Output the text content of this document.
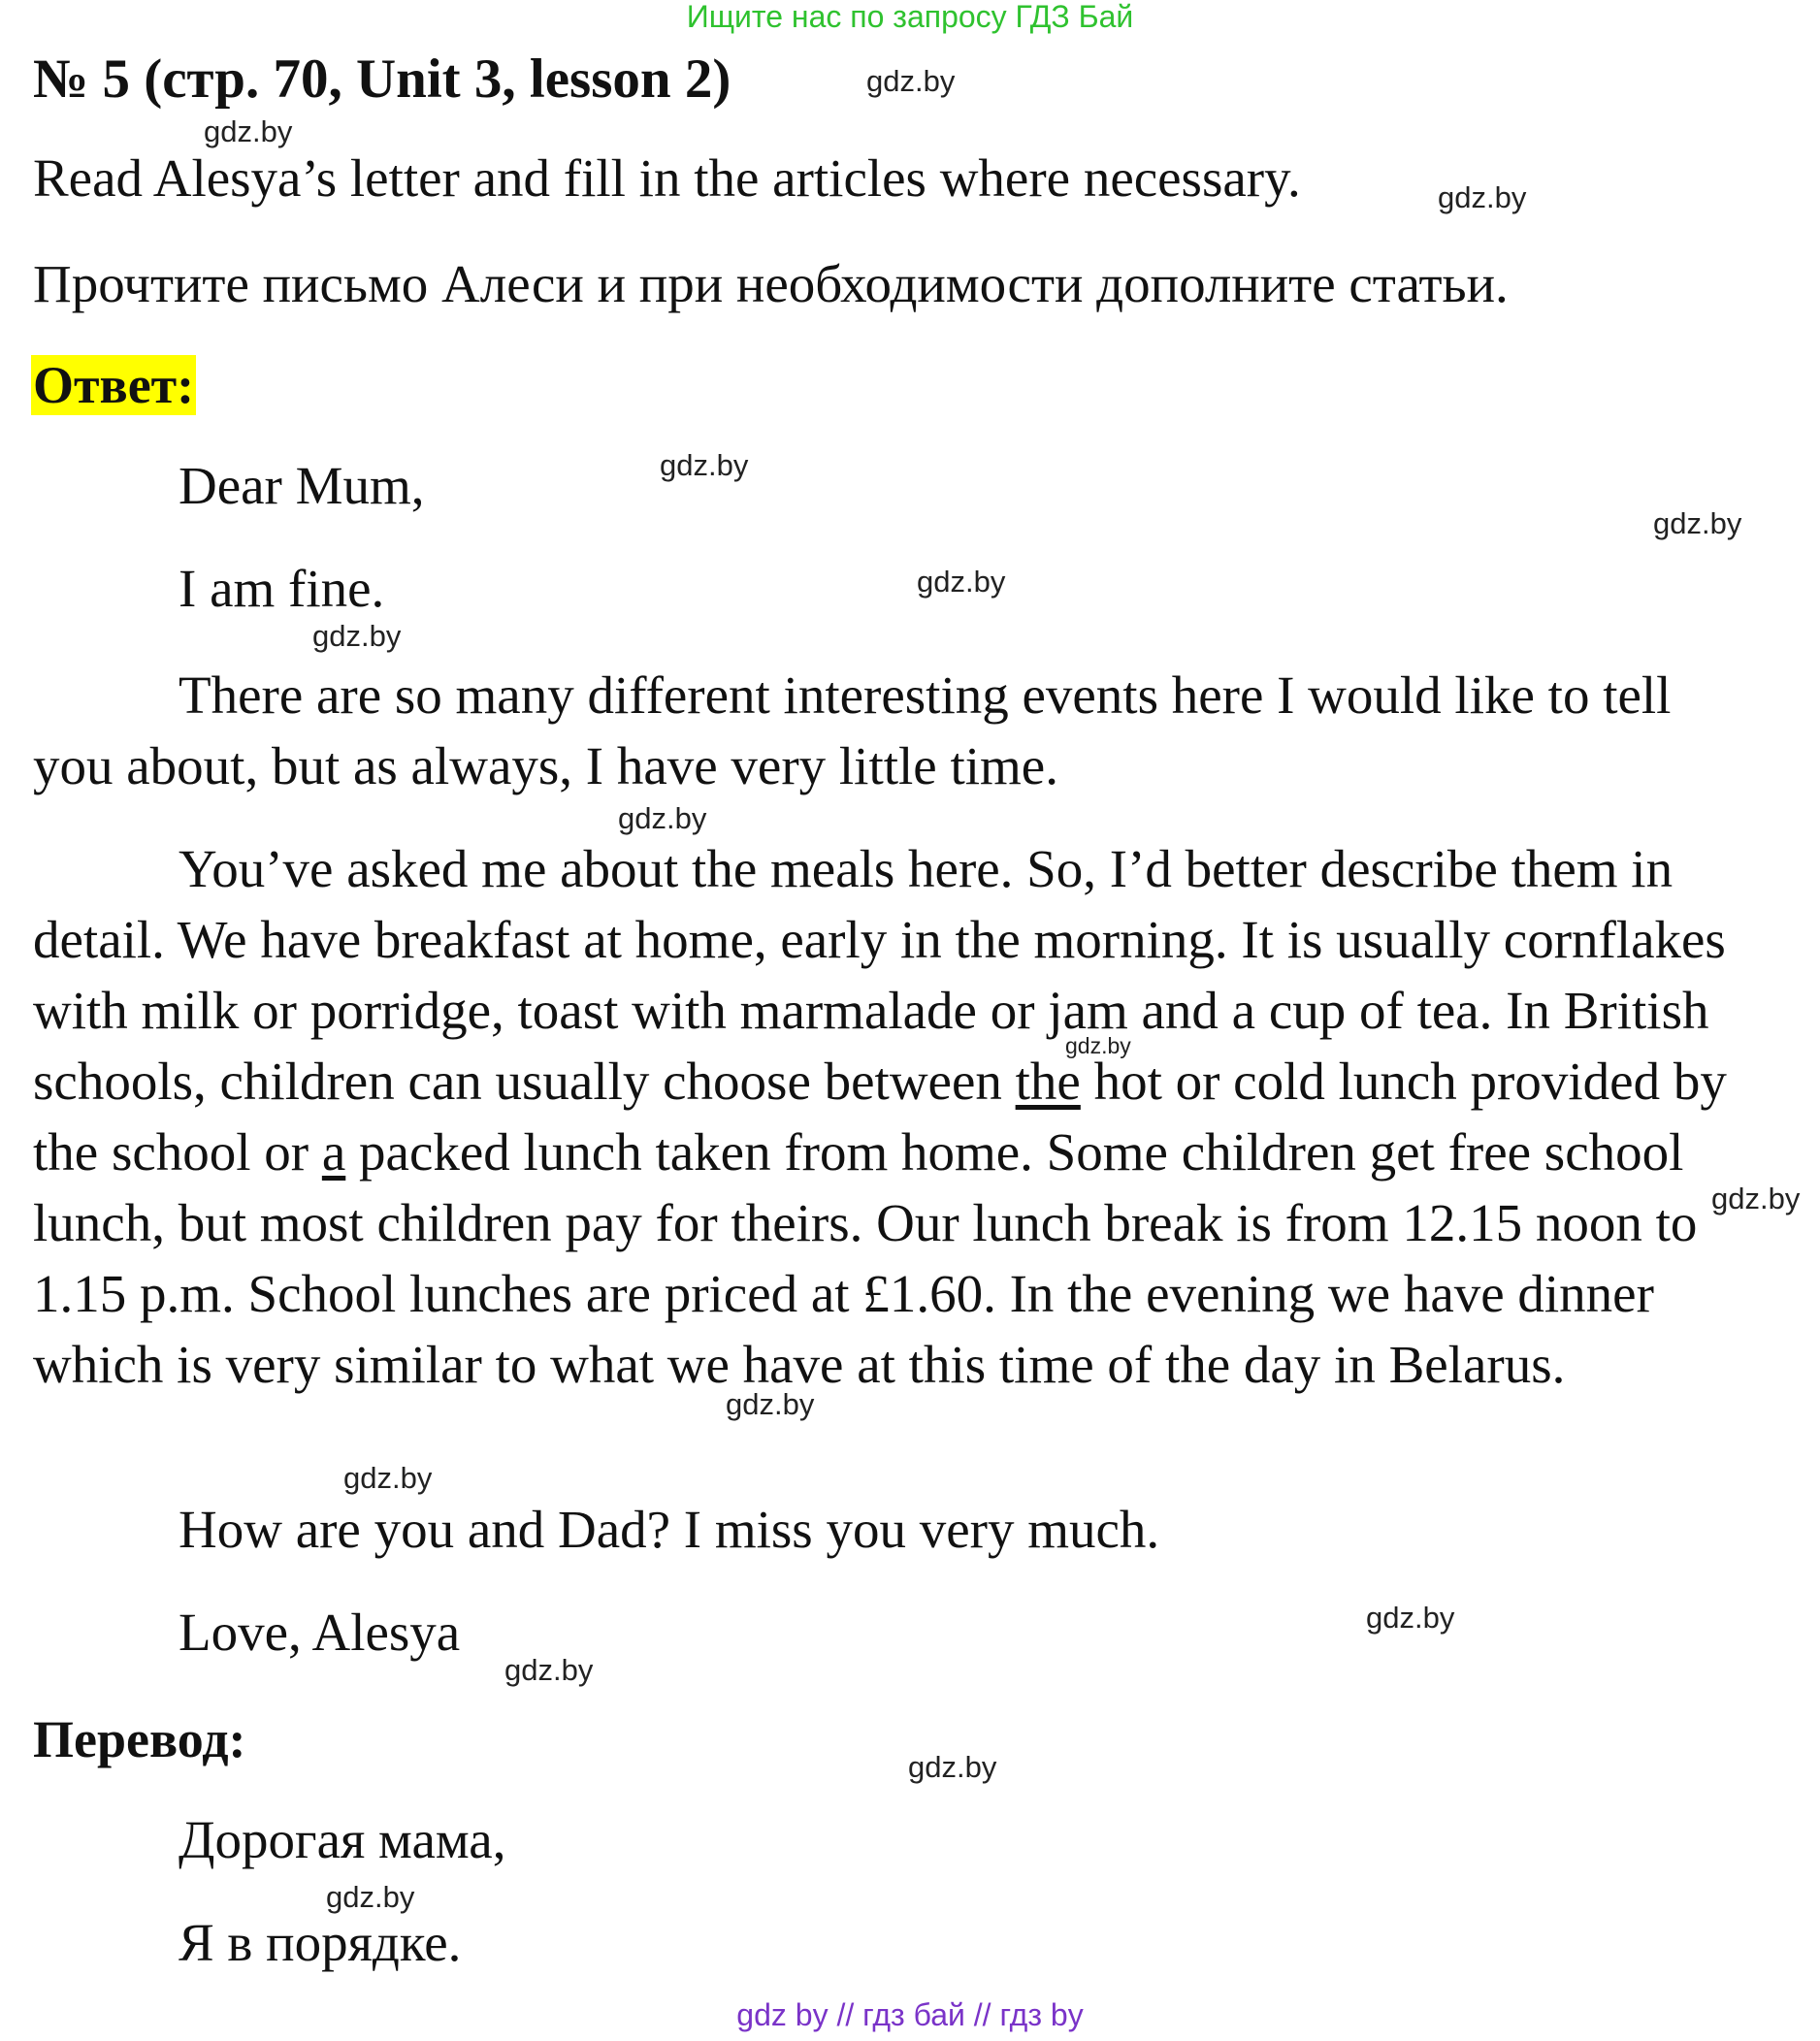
Ищите нас по запросу ГДЗ Бай
№ 5 (стр. 70, Unit 3, lesson 2)
Read Alesya’s letter and fill in the articles where necessary.
Прочтите письмо Алеси и при необходимости дополните статьи.
Ответ:
Dear Mum,
I am fine.
There are so many different interesting events here I would like to tell you about, but as always, I have very little time.
You’ve asked me about the meals here. So, I’d better describe them in detail. We have breakfast at home, early in the morning. It is usually cornflakes with milk or porridge, toast with marmalade or jam and a cup of tea. In British schools, children can usually choose between the hot or cold lunch provided by the school or a packed lunch taken from home. Some children get free school lunch, but most children pay for theirs. Our lunch break is from 12.15 noon to 1.15 p.m. School lunches are priced at £1.60. In the evening we have dinner which is very similar to what we have at this time of the day in Belarus.
How are you and Dad? I miss you very much.
Love, Alesya
Перевод:
Дорогая мама,
Я в порядке.
gdz.by
gdz.by
gdz.by
gdz.by
gdz.by
gdz.by
gdz.by
gdz.by
gdz.by
gdz.by
gdz.by
gdz.by
gdz.by
gdz.by
gdz.by
gdz.by
gdz by // гдз бай // гдз by
